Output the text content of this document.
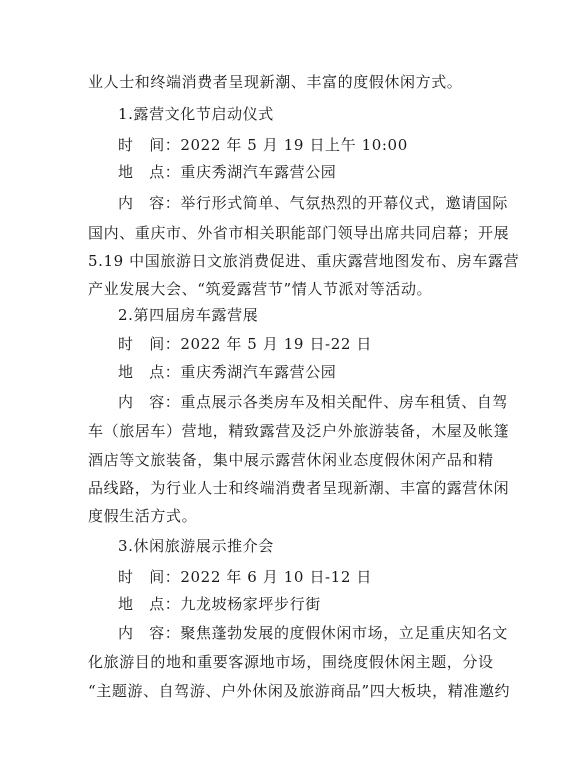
业人士和终端消费者呈现新潮、丰富的度假休闲方式。
1.露营文化节启动仪式
时　间：2022 年 5 月 19 日上午 10:00
地　点：重庆秀湖汽车露营公园
内　容：举行形式简单、气氛热烈的开幕仪式，邀请国际
国内、重庆市、外省市相关职能部门领导出席共同启幕；开展
5.19 中国旅游日文旅消费促进、重庆露营地图发布、房车露营
产业发展大会、“筑爱露营节”情人节派对等活动。
2.第四届房车露营展
时　间：2022 年 5 月 19 日-22 日
地　点：重庆秀湖汽车露营公园
内　容：重点展示各类房车及相关配件、房车租赁、自驾
车（旅居车）营地，精致露营及泛户外旅游装备，木屋及帐篷
酒店等文旅装备，集中展示露营休闲业态度假休闲产品和精
品线路，为行业人士和终端消费者呈现新潮、丰富的露营休闲
度假生活方式。
3.休闲旅游展示推介会
时　间：2022 年 6 月 10 日-12 日
地　点：九龙坡杨家坪步行街
内　容：聚焦蓬勃发展的度假休闲市场，立足重庆知名文
化旅游目的地和重要客源地市场，围绕度假休闲主题，分设
“主题游、自驾游、户外休闲及旅游商品”四大板块，精准邀约
